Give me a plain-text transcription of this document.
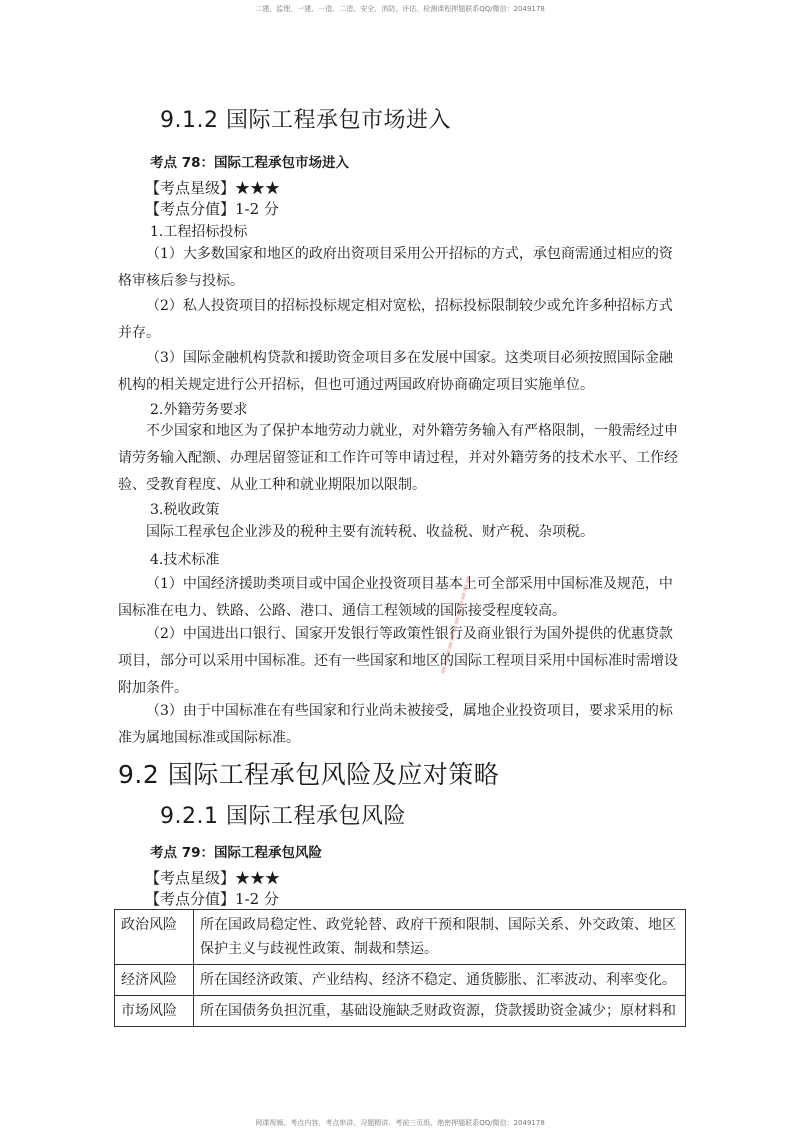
二建、监理、一建、一造、二造、安全、消防、评估、检测课程押题联系QQ/微信：2049178
9.1.2 国际工程承包市场进入
考点 78：国际工程承包市场进入
【考点星级】★★★
【考点分值】1-2 分
1.工程招标投标
（1）大多数国家和地区的政府出资项目采用公开招标的方式，承包商需通过相应的资格审核后参与投标。
（2）私人投资项目的招标投标规定相对宽松，招标投标限制较少或允许多种招标方式并存。
（3）国际金融机构贷款和援助资金项目多在发展中国家。这类项目必须按照国际金融机构的相关规定进行公开招标，但也可通过两国政府协商确定项目实施单位。
2.外籍劳务要求
不少国家和地区为了保护本地劳动力就业，对外籍劳务输入有严格限制，一般需经过申请劳务输入配额、办理居留签证和工作许可等申请过程，并对外籍劳务的技术水平、工作经验、受教育程度、从业工种和就业期限加以限制。
3.税收政策
国际工程承包企业涉及的税种主要有流转税、收益税、财产税、杂项税。
4.技术标准
（1）中国经济援助类项目或中国企业投资项目基本上可全部采用中国标准及规范，中国标准在电力、铁路、公路、港口、通信工程领域的国际接受程度较高。
（2）中国进出口银行、国家开发银行等政策性银行及商业银行为国外提供的优惠贷款项目，部分可以采用中国标准。还有一些国家和地区的国际工程项目采用中国标准时需增设附加条件。
（3）由于中国标准在有些国家和行业尚未被接受，属地企业投资项目，要求采用的标准为属地国标准或国际标准。
9.2 国际工程承包风险及应对策略
9.2.1 国际工程承包风险
考点 79：国际工程承包风险
【考点星级】★★★
【考点分值】1-2 分
政治风险	所在国政局稳定性、政党轮替、政府干预和限制、国际关系、外交政策、地区保护主义与歧视性政策、制裁和禁运。
经济风险	所在国经济政策、产业结构、经济不稳定、通货膨胀、汇率波动、利率变化。
市场风险	所在国债务负担沉重，基础设施缺乏财政资源，贷款援助资金减少；原材料和
▬▬▬▬▬▬▬▬▬▬▬▬
网课视频、考点内容、考点串讲、习题精讲、考前三页纸、绝密押题联系QQ/微信：2049178
